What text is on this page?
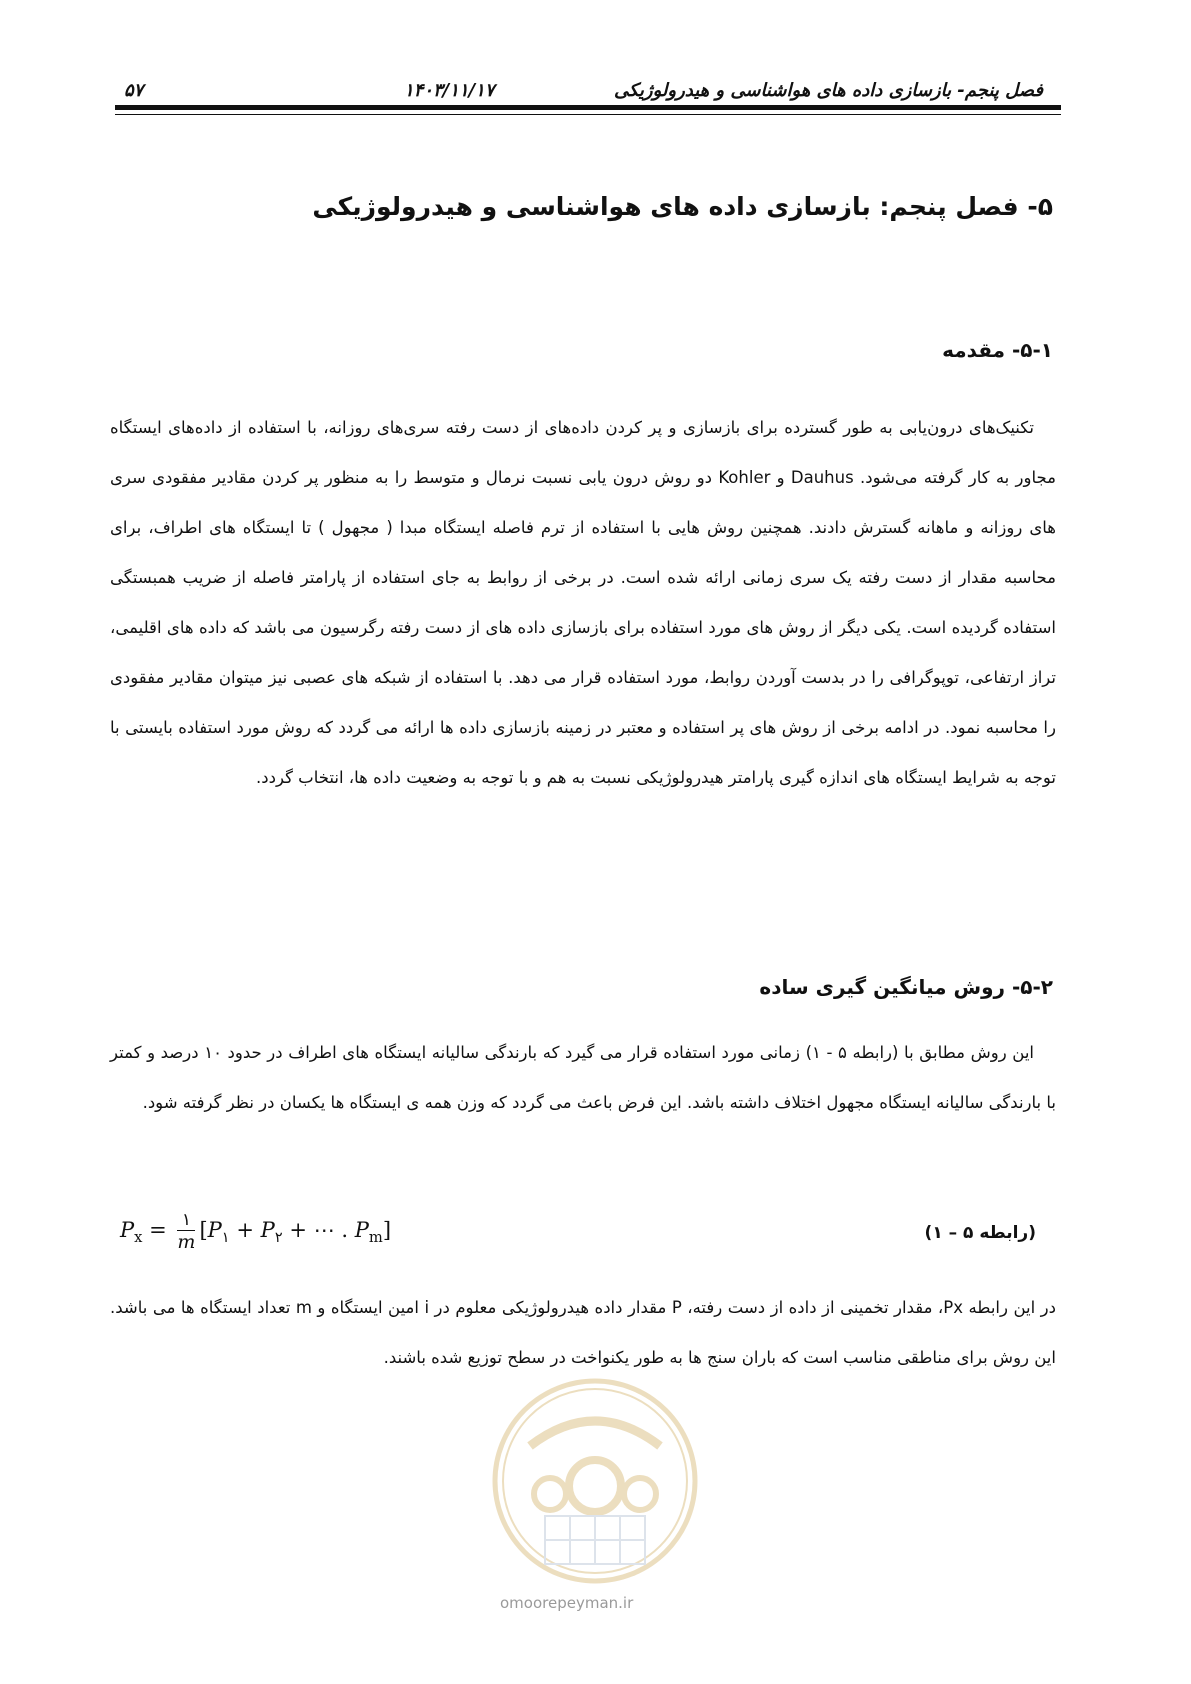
فصل پنجم- بازسازی داده های هواشناسی و هیدرولوژیکی
۱۴۰۳/۱۱/۱۷
۵۷
۵- فصل پنجم: بازسازی داده های هواشناسی و هیدرولوژیکی
۵-۱- مقدمه

تکنیک‌های درون‌یابی به طور گسترده برای بازسازی و پر کردن داده‌های از دست رفته سری‌های روزانه، با استفاده از داده‌های ایستگاه مجاور به کار گرفته می‌شود. Dauhus و Kohler دو روش درون یابی نسبت نرمال و متوسط را به منظور پر کردن مقادیر مفقودی سری های روزانه و ماهانه گسترش دادند. همچنین روش هایی با استفاده از ترم فاصله ایستگاه مبدا ( مجهول ) تا ایستگاه های اطراف، برای محاسبه مقدار از دست رفته یک سری زمانی ارائه شده است. در برخی از روابط به جای استفاده از پارامتر فاصله از ضریب همبستگی استفاده گردیده است. یکی دیگر از روش های مورد استفاده برای بازسازی داده های از دست رفته رگرسیون می باشد که داده های اقلیمی، تراز ارتفاعی، توپوگرافی را در بدست آوردن روابط، مورد استفاده قرار می دهد. با استفاده از شبکه های عصبی نیز میتوان مقادیر مفقودی را محاسبه نمود. در ادامه برخی از روش های پر استفاده و معتبر در زمینه بازسازی داده ها ارائه می گردد که روش مورد استفاده بایستی با توجه به شرایط ایستگاه های اندازه گیری پارامتر هیدرولوژیکی نسبت به هم و با توجه به وضعیت داده ها، انتخاب گردد.

۵-۲- روش میانگین گیری ساده

این روش مطابق با (رابطه ۵ - ۱) زمانی مورد استفاده قرار می گیرد که بارندگی سالیانه ایستگاه های اطراف در حدود ۱۰ درصد و کمتر با بارندگی سالیانه ایستگاه مجهول اختلاف داشته باشد. این فرض باعث می گردد که وزن همه ی ایستگاه ها یکسان در نظر گرفته شود.

$P_x = \frac{۱}{m} [P_۱ + P_۲$ + ⋯ . $P_m$]	(رابطه ۵ – ۱)

در این رابطه Px، مقدار تخمینی از داده از دست رفته، P مقدار داده هیدرولوژیکی معلوم در i امین ایستگاه و m تعداد ایستگاه ها می باشد. این روش برای مناطقی مناسب است که باران سنج ها به طور یکنواخت در سطح توزیع شده باشند.

omoorepeyman.ir
